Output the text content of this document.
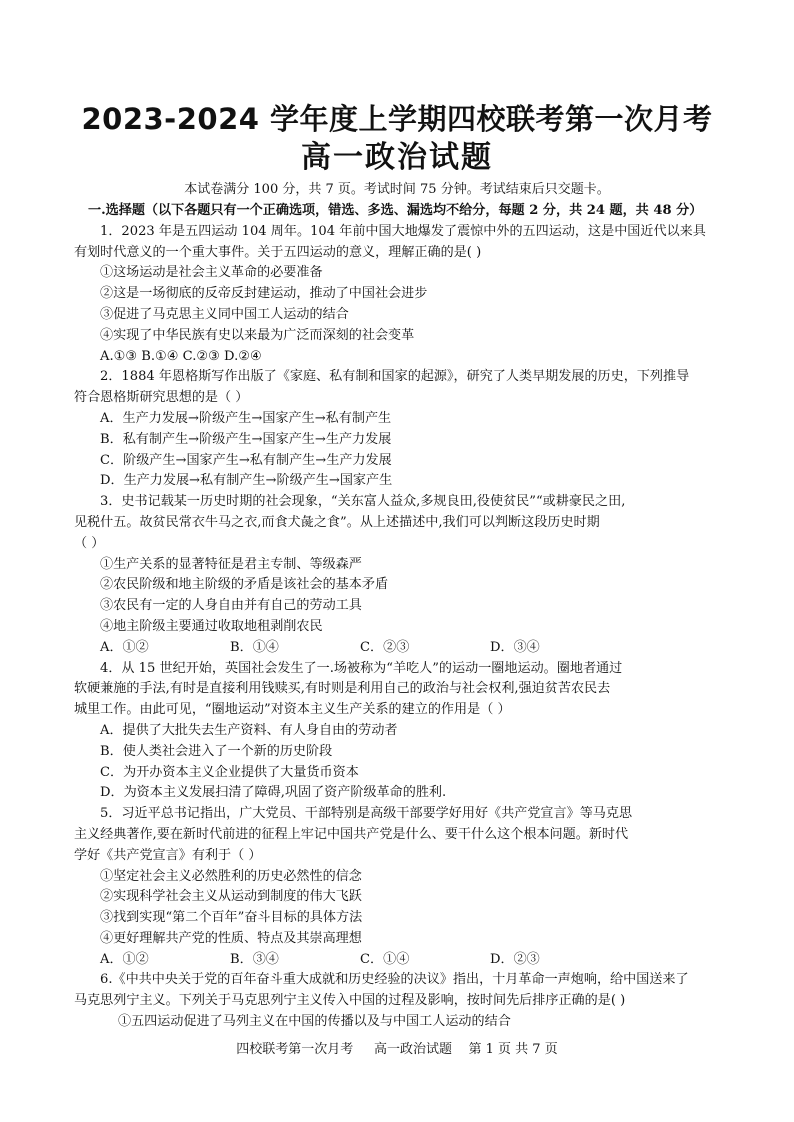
2023-2024 学年度上学期四校联考第一次月考
高一政治试题
本试卷满分 100 分，共 7 页。考试时间 75 分钟。考试结束后只交题卡。

一.选择题（以下各题只有一个正确选项，错选、多选、漏选均不给分，每题 2 分，共 24 题，共 48 分）

1．2023 年是五四运动 104 周年。104 年前中国大地爆发了震惊中外的五四运动，这是中国近代以来具

有划时代意义的一个重大事件。关于五四运动的意义，理解正确的是( )

①这场运动是社会主义革命的必要准备

②这是一场彻底的反帝反封建运动，推动了中国社会进步

③促进了马克思主义同中国工人运动的结合

④实现了中华民族有史以来最为广泛而深刻的社会变革

A.①③ B.①④ C.②③ D.②④

2．1884 年恩格斯写作出版了《家庭、私有制和国家的起源》，研究了人类早期发展的历史，下列推导

符合恩格斯研究思想的是（ ）

A．生产力发展→阶级产生→国家产生→私有制产生

B．私有制产生→阶级产生→国家产生→生产力发展

C．阶级产生→国家产生→私有制产生→生产力发展

D．生产力发展→私有制产生→阶级产生→国家产生

3．史书记载某一历史时期的社会现象，“关东富人益众,多规良田,役使贫民”“或耕豪民之田,

见税什五。故贫民常衣牛马之衣,而食犬彘之食”。从上述描述中,我们可以判断这段历史时期

（ ）

①生产关系的显著特征是君主专制、等级森严

②农民阶级和地主阶级的矛盾是该社会的基本矛盾

③农民有一定的人身自由并有自己的劳动工具

④地主阶级主要通过收取地租剥削农民

A．①②	B．①④	C．②③	D．③④

4．从 15 世纪开始，英国社会发生了一.场被称为“羊吃人”的运动一圈地运动。圈地者通过

软硬兼施的手法,有时是直接利用钱赎买,有时则是利用自己的政治与社会权利,强迫贫苦农民去

城里工作。由此可见，“圈地运动”对资本主义生产关系的建立的作用是（ ）

A．提供了大批失去生产资料、有人身自由的劳动者

B．使人类社会进入了一个新的历史阶段

C．为开办资本主义企业提供了大量货币资本

D．为资本主义发展扫清了障碍,巩固了资产阶级革命的胜利.

5．习近平总书记指出，广大党员、干部特别是高级干部要学好用好《共产党宣言》等马克思

主义经典著作,要在新时代前进的征程上牢记中国共产党是什么、要干什么这个根本问题。新时代

学好《共产党宣言》有利于（ ）

①坚定社会主义必然胜利的历史必然性的信念

②实现科学社会主义从运动到制度的伟大飞跃

③找到实现“第二个百年”奋斗目标的具体方法

④更好理解共产党的性质、特点及其崇高理想

A．①②	B．③④	C．①④	D．②③

6.《中共中央关于党的百年奋斗重大成就和历史经验的决议》指出，十月革命一声炮响，给中国送来了

马克思列宁主义。下列关于马克思列宁主义传入中国的过程及影响，按时间先后排序正确的是( )

①五四运动促进了马列主义在中国的传播以及与中国工人运动的结合

四校联考第一次月考 高一政治试题 第 1 页 共 7 页
